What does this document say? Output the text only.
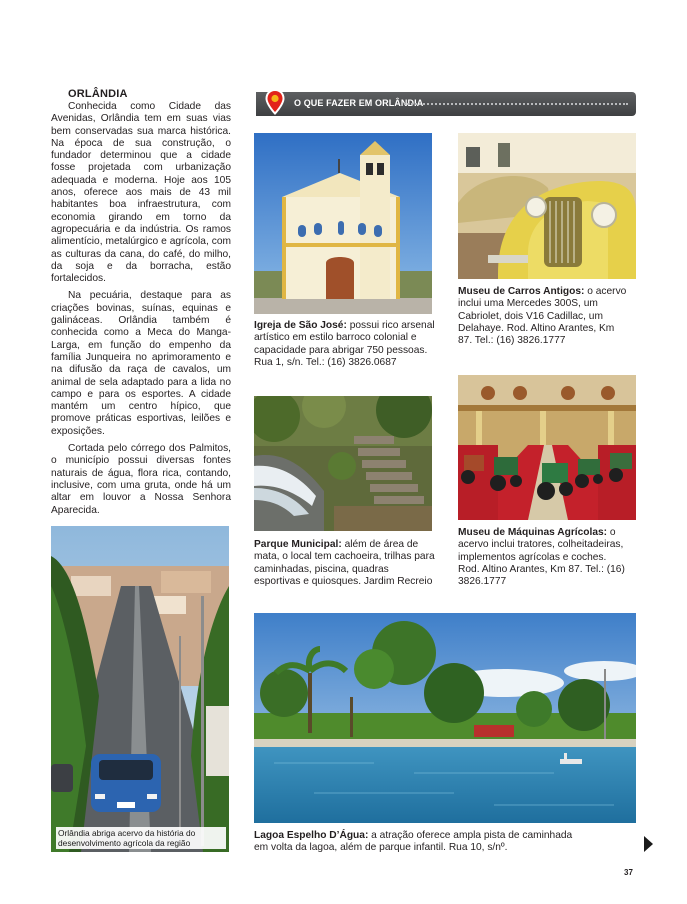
ORLÂNDIA

Conhecida como Cidade das Avenidas, Orlândia tem em suas vias bem conservadas sua marca histórica. Na época de sua construção, o fundador determinou que a cidade fosse projetada com urbanização adequada e moderna. Hoje aos 105 anos, oferece aos mais de 43 mil habitantes boa infraestrutura, com economia girando em torno da agropecuária e da indústria. Os ramos alimentício, metalúrgico e agrícola, com as culturas da cana, do café, do milho, da soja e da borracha, estão fortalecidos.

Na pecuária, destaque para as criações bovinas, suínas, equinas e galináceas. Orlândia também é conhecida como a Meca do Manga-Larga, em função do empenho da família Junqueira no aprimoramento e na difusão da raça de cavalos, um animal de sela adaptado para a lida no campo e para os esportes. A cidade mantém um centro hípico, que promove práticas esportivas, leilões e exposições.

Cortada pelo córrego dos Palmitos, o município possui diversas fontes naturais de água, flora rica, contando, inclusive, com uma gruta, onde há um altar em louvor a Nossa Senhora Aparecida.

O QUE FAZER EM ORLÂNDIA
Orlândia abriga acervo da história do desenvolvimento agrícola da região
Igreja de São José: possui rico arsenal artístico em estilo barroco colonial e capacidade para abrigar 750 pessoas. Rua 1, s/n. Tel.: (16) 3826.0687
Museu de Carros Antigos: o acervo inclui uma Mercedes 300S, um Cabriolet, dois V16 Cadillac, um Delahaye. Rod. Altino Arantes, Km 87. Tel.: (16) 3826.1777
Parque Municipal: além de área de mata, o local tem cachoeira, trilhas para caminhadas, piscina, quadras esportivas e quiosques. Jardim Recreio
Museu de Máquinas Agrícolas: o acervo inclui tratores, colheitadeiras, implementos agrícolas e coches. Rod. Altino Arantes, Km 87. Tel.: (16) 3826.1777
Lagoa Espelho D’Água: a atração oferece ampla pista de caminhada em volta da lagoa, além de parque infantil. Rua 10, s/nº.
37
